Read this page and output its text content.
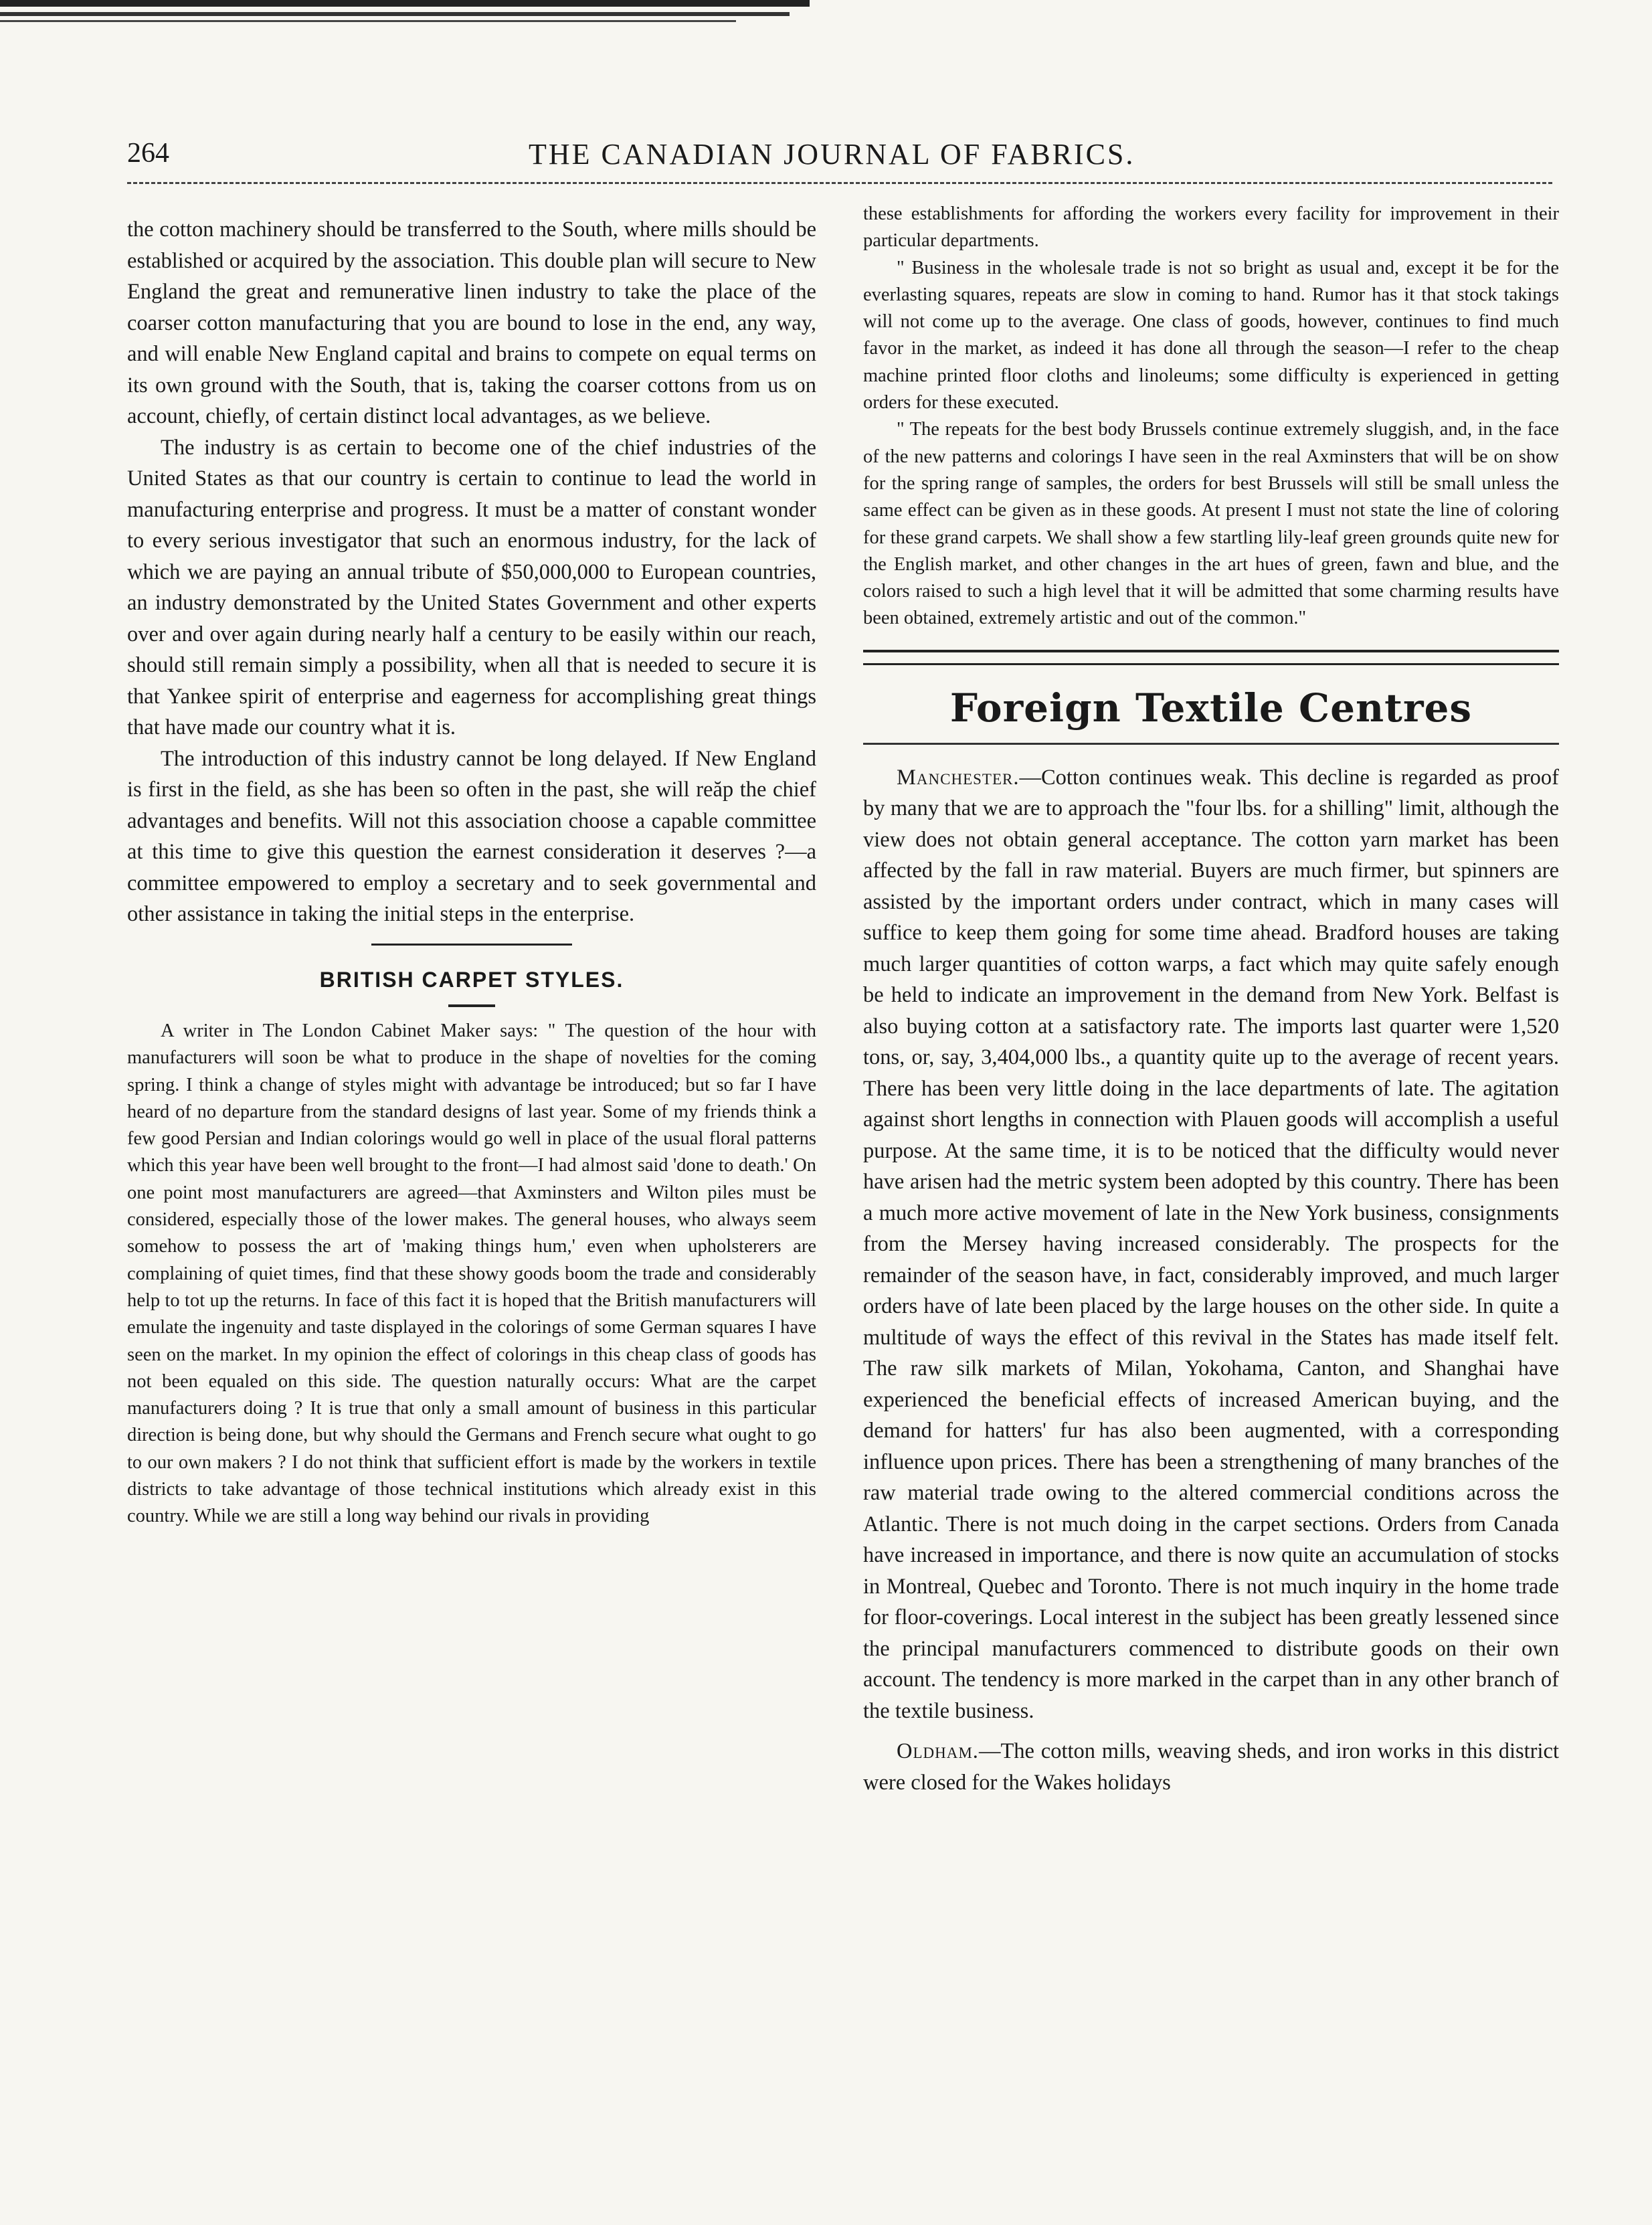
264	THE CANADIAN JOURNAL OF FABRICS.

the cotton machinery should be transferred to the South, where mills should be established or acquired by the association. This double plan will secure to New England the great and remunerative linen industry to take the place of the coarser cotton manufacturing that you are bound to lose in the end, any way, and will enable New England capital and brains to compete on equal terms on its own ground with the South, that is, taking the coarser cottons from us on account, chiefly, of certain distinct local advantages, as we believe.

The industry is as certain to become one of the chief industries of the United States as that our country is certain to continue to lead the world in manufacturing enterprise and progress. It must be a matter of constant wonder to every serious investigator that such an enormous industry, for the lack of which we are paying an annual tribute of $50,000,000 to European countries, an industry demonstrated by the United States Government and other experts over and over again during nearly half a century to be easily within our reach, should still remain simply a possibility, when all that is needed to secure it is that Yankee spirit of enterprise and eagerness for accomplishing great things that have made our country what it is.

The introduction of this industry cannot be long delayed. If New England is first in the field, as she has been so often in the past, she will reăp the chief advantages and benefits. Will not this association choose a capable committee at this time to give this question the earnest consideration it deserves ?—a committee empowered to employ a secretary and to seek governmental and other assistance in taking the initial steps in the enterprise.

BRITISH CARPET STYLES.

A writer in The London Cabinet Maker says: " The question of the hour with manufacturers will soon be what to produce in the shape of novelties for the coming spring. I think a change of styles might with advantage be introduced; but so far I have heard of no departure from the standard designs of last year. Some of my friends think a few good Persian and Indian colorings would go well in place of the usual floral patterns which this year have been well brought to the front—I had almost said 'done to death.' On one point most manufacturers are agreed—that Axminsters and Wilton piles must be considered, especially those of the lower makes. The general houses, who always seem somehow to possess the art of 'making things hum,' even when upholsterers are complaining of quiet times, find that these showy goods boom the trade and considerably help to tot up the returns. In face of this fact it is hoped that the British manufacturers will emulate the ingenuity and taste displayed in the colorings of some German squares I have seen on the market. In my opinion the effect of colorings in this cheap class of goods has not been equaled on this side. The question naturally occurs: What are the carpet manufacturers doing ? It is true that only a small amount of business in this particular direction is being done, but why should the Germans and French secure what ought to go to our own makers ? I do not think that sufficient effort is made by the workers in textile districts to take advantage of those technical institutions which already exist in this country. While we are still a long way behind our rivals in providing

these establishments for affording the workers every facility for improvement in their particular departments.

" Business in the wholesale trade is not so bright as usual and, except it be for the everlasting squares, repeats are slow in coming to hand. Rumor has it that stock takings will not come up to the average. One class of goods, however, continues to find much favor in the market, as indeed it has done all through the season—I refer to the cheap machine printed floor cloths and linoleums; some difficulty is experienced in getting orders for these executed.

" The repeats for the best body Brussels continue extremely sluggish, and, in the face of the new patterns and colorings I have seen in the real Axminsters that will be on show for the spring range of samples, the orders for best Brussels will still be small unless the same effect can be given as in these goods. At present I must not state the line of coloring for these grand carpets. We shall show a few startling lily-leaf green grounds quite new for the English market, and other changes in the art hues of green, fawn and blue, and the colors raised to such a high level that it will be admitted that some charming results have been obtained, extremely artistic and out of the common."

Foreign Textile Centres

Manchester.—Cotton continues weak. This decline is regarded as proof by many that we are to approach the "four lbs. for a shilling" limit, although the view does not obtain general acceptance. The cotton yarn market has been affected by the fall in raw material. Buyers are much firmer, but spinners are assisted by the important orders under contract, which in many cases will suffice to keep them going for some time ahead. Bradford houses are taking much larger quantities of cotton warps, a fact which may quite safely enough be held to indicate an improvement in the demand from New York. Belfast is also buying cotton at a satisfactory rate. The imports last quarter were 1,520 tons, or, say, 3,404,000 lbs., a quantity quite up to the average of recent years. There has been very little doing in the lace departments of late. The agitation against short lengths in connection with Plauen goods will accomplish a useful purpose. At the same time, it is to be noticed that the difficulty would never have arisen had the metric system been adopted by this country. There has been a much more active movement of late in the New York business, consignments from the Mersey having increased considerably. The prospects for the remainder of the season have, in fact, considerably improved, and much larger orders have of late been placed by the large houses on the other side. In quite a multitude of ways the effect of this revival in the States has made itself felt. The raw silk markets of Milan, Yokohama, Canton, and Shanghai have experienced the beneficial effects of increased American buying, and the demand for hatters' fur has also been augmented, with a corresponding influence upon prices. There has been a strengthening of many branches of the raw material trade owing to the altered commercial conditions across the Atlantic. There is not much doing in the carpet sections. Orders from Canada have increased in importance, and there is now quite an accumulation of stocks in Montreal, Quebec and Toronto. There is not much inquiry in the home trade for floor-coverings. Local interest in the subject has been greatly lessened since the principal manufacturers commenced to distribute goods on their own account. The tendency is more marked in the carpet than in any other branch of the textile business.

Oldham.—The cotton mills, weaving sheds, and iron works in this district were closed for the Wakes holidays
